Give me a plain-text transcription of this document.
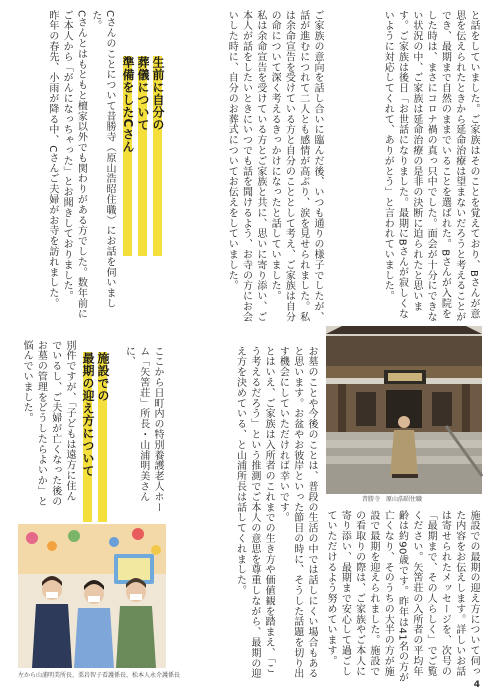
と話をしていました。ご家族はそのことを覚えており、Bさんが意思を伝えられたときから延命治療は望まないだろうと考えることができ、最期まで自然のままでいることを選ばれた。Bさんが入院をした時は、まさにコロナ禍の真っ只中でした。面会が十分にできない状況の中、ご家族は延命治療の是非の決断に迫られたと思います。ご家族は後日「お世話になりました。最期にBさんが寂しくないように対応してくれて、ありがとう」と言われていました。

ご家族の意向を話し合いに臨んだ後、いつも通りの様子でしたが、話が進むにつれて二人とも感情が高ぶり、涙を見せられました。私は余命宣告を受けている方と自分のこととして考え、ご家族は自分の命について深く考えるきっかけになったと話していました。

私は余命宣告を受けている方とご家族と共に、思いに寄り添い、ご本人が話をしたいときにいつでも話を聞けるよう、お寺の方にお会いした時に、自分のお葬式についてお伝えをしていました。

生前に自分の
葬儀について
準備をしたCさん

Cさんのことについて昔勝寺（原山浩昭住職）にお話を伺いました。

Cさんとはもともと檀家以外でも関わりがある方でした。数年前にご本人から「がんになっちゃった」とお聞きしておりました。

昨年の春先、小雨が降る中、Cさんご夫婦がお寺を訪れました。

昔勝寺　原山浩昭住職

施設での最期の迎え方について伺った内容をお伝えします。詳しいお話は寄せられたメッセージを、次号の「最期まで、その人らしく」でご覧ください。矢筈荘の入所者の平均年齢は約90歳です。昨年は41名の方が亡くなり、そのうちの大半の方が施設で最期を迎えられました。施設での看取りの際は、ご家族やご本人に寄り添い、最期まで安心して過ごしていただけるよう努めています。

お墓のことや今後のことは、普段の生活の中では話しにくい場合もあると思います。お盆やお彼岸といった節目の時に、そうした話題を切り出す機会にしていただければ幸いです。

とはいえ、ご家族は入所者のこれまでの生き方や価値観を踏まえ、「こう考えるだろう」という推測でご本人の意思を尊重しながら、最期の迎え方を決めている、と山浦所長は話してくれました。

別件ですが、「子どもは遠方に住んでいるし、ご夫婦が亡くなった後のお墓の管理をどうしたらよいか」と悩んでいました。	施設での
最期の迎え方について	ここから日町内の特別養護老人ホーム「矢筈荘」所長・山浦明美さんに、

左から山浦明美所長、栗岩智子看護係長、松本人永介護係長
4
